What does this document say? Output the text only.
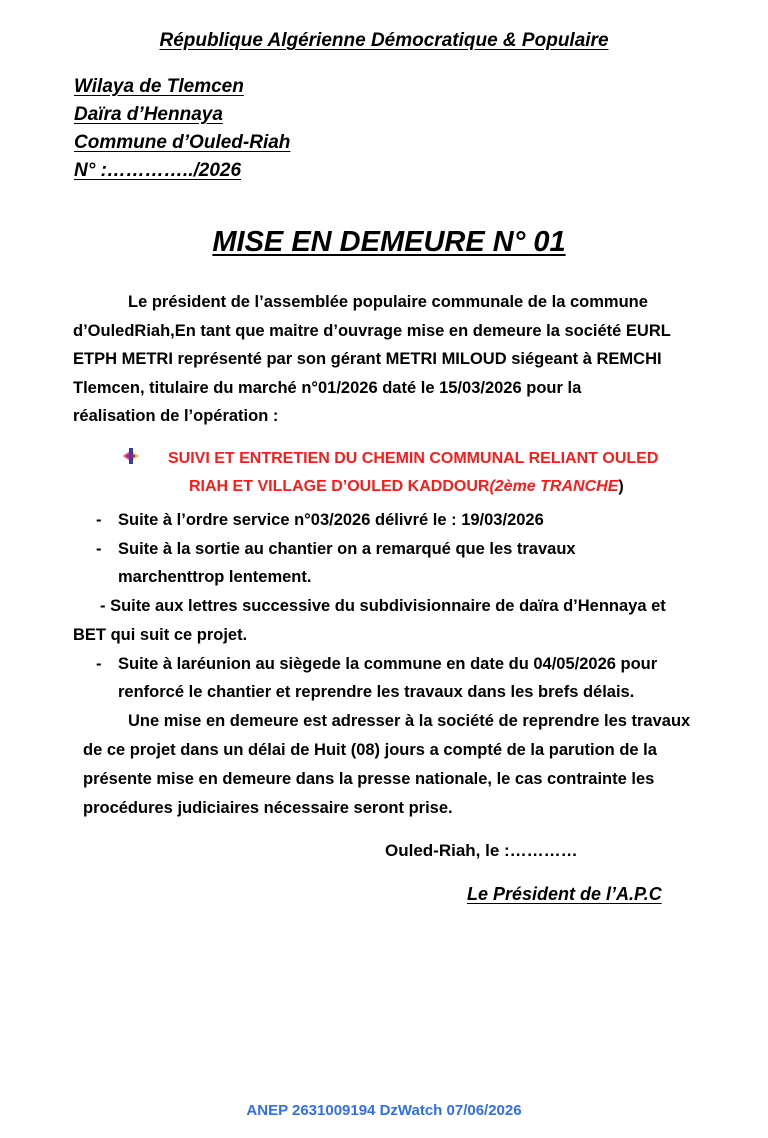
République Algérienne Démocratique & Populaire
Wilaya de Tlemcen
Daïra d’Hennaya
Commune d’Ouled-Riah
N° :…………../2026
MISE EN DEMEURE N° 01
Le président de l’assemblée populaire communale de la commune
d’OuledRiah,En tant que maitre d’ouvrage mise en demeure la société EURL
ETPH METRI représenté par son gérant METRI MILOUD siégeant à REMCHI
Tlemcen, titulaire du marché n°01/2026 daté le 15/03/2026 pour la
réalisation de l’opération :
SUIVI ET ENTRETIEN DU CHEMIN COMMUNAL RELIANT OULED
RIAH ET VILLAGE D’OULED KADDOUR(2ème TRANCHE)
- Suite à l’ordre service n°03/2026 délivré le : 19/03/2026
- Suite à la sortie au chantier on a remarqué que les travaux
marchenttrop lentement.
- Suite aux lettres successive du subdivisionnaire de daïra d’Hennaya et
BET qui suit ce projet.
- Suite à laréunion au siègede la commune en date du 04/05/2026 pour
renforcé le chantier et reprendre les travaux dans les brefs délais.
Une mise en demeure est adresser à la société de reprendre les travaux
de ce projet dans un délai de Huit (08) jours a compté de la parution de la
présente mise en demeure dans la presse nationale, le cas contrainte les
procédures judiciaires nécessaire seront prise.
Ouled-Riah, le :…………
Le Président de l’A.P.C
ANEP 2631009194 DzWatch 07/06/2026
